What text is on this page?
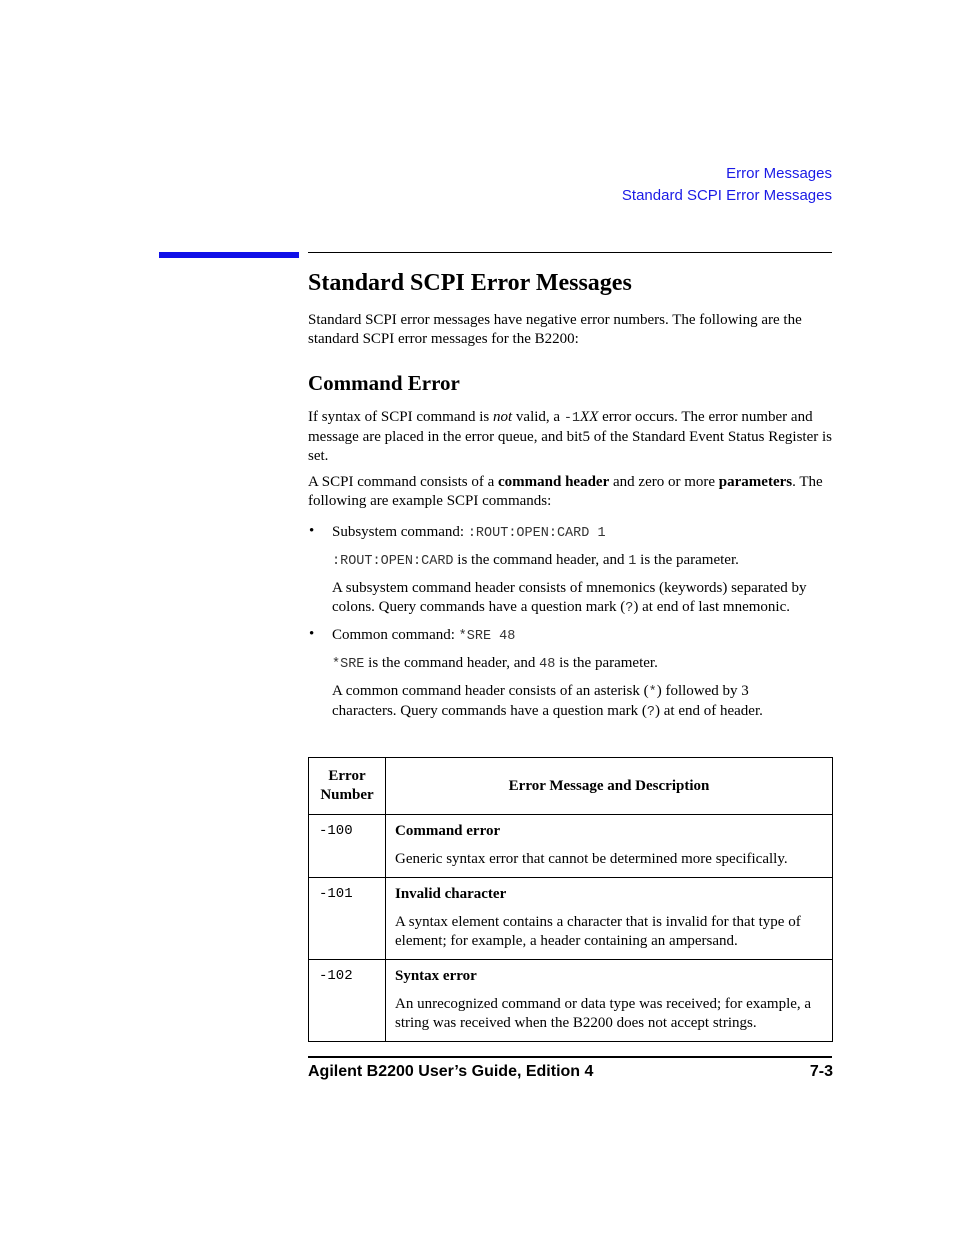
Error Messages
Standard SCPI Error Messages
Standard SCPI Error Messages
Standard SCPI error messages have negative error numbers. The following are the standard SCPI error messages for the B2200:
Command Error
If syntax of SCPI command is not valid, a -1XX error occurs. The error number and message are placed in the error queue, and bit5 of the Standard Event Status Register is set.
A SCPI command consists of a command header and zero or more parameters. The following are example SCPI commands:
• Subsystem command: :ROUT:OPEN:CARD 1
:ROUT:OPEN:CARD is the command header, and 1 is the parameter.
A subsystem command header consists of mnemonics (keywords) separated by colons. Query commands have a question mark (?) at end of last mnemonic.
• Common command: *SRE 48
*SRE is the command header, and 48 is the parameter.
A common command header consists of an asterisk (*) followed by 3 characters. Query commands have a question mark (?) at end of header.
Error
Number	Error Message and Description
-100	Command error
Generic syntax error that cannot be determined more specifically.

-101	Invalid character
A syntax element contains a character that is invalid for that type of element; for example, a header containing an ampersand.

-102	Syntax error
An unrecognized command or data type was received; for example, a string was received when the B2200 does not accept strings.
Agilent B2200 User’s Guide, Edition 4	7-3
